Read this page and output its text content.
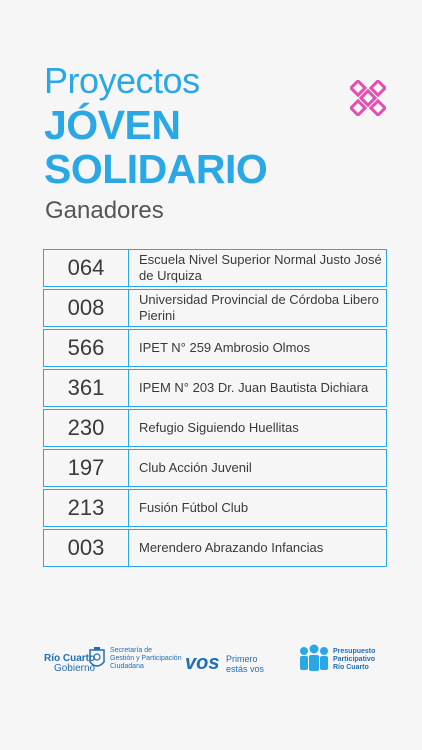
Proyectos
JÓVEN
SOLIDARIO
Ganadores
064	Escuela Nivel Superior Normal Justo José de Urquiza
008	Universidad Provincial de Córdoba Libero Pierini
566	IPET N° 259 Ambrosio Olmos
361	IPEM N° 203 Dr. Juan Bautista Dichiara
230	Refugio Siguiendo Huellitas
197	Club Acción Juvenil
213	Fusión Fútbol Club
003	Merendero Abrazando Infancias
Río Cuarto
Gobierno
Secretaría de
Gestión y Participación
Ciudadana	vos Primero
estás vos
Presupuesto
Participativo
Río Cuarto
